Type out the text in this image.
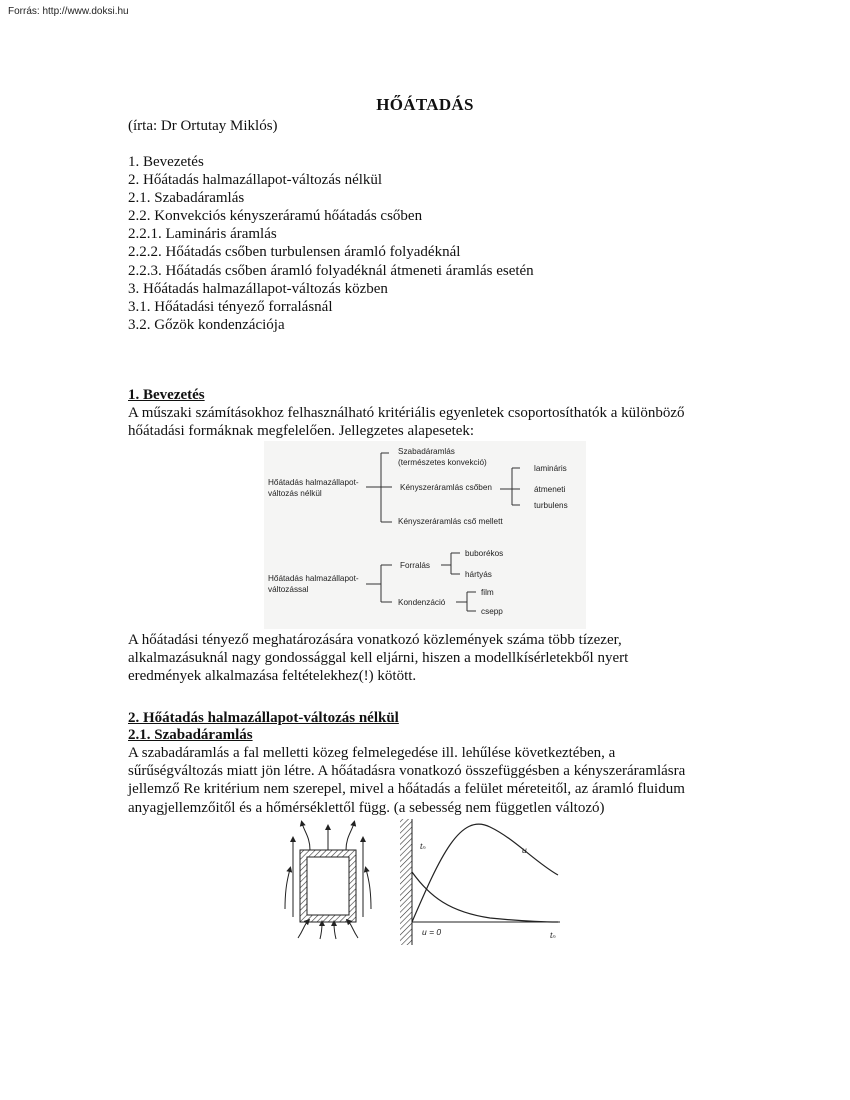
Forrás: http://www.doksi.hu
HŐÁTADÁS
(írta: Dr Ortutay Miklós)
1. Bevezetés
2. Hőátadás halmazállapot-változás nélkül
2.1. Szabadáramlás
2.2. Konvekciós kényszeráramú hőátadás csőben
2.2.1. Lamináris áramlás
2.2.2. Hőátadás csőben turbulensen áramló folyadéknál
2.2.3. Hőátadás csőben áramló folyadéknál átmeneti áramlás esetén
3. Hőátadás halmazállapot-változás közben
3.1. Hőátadási tényező forralásnál
3.2. Gőzök kondenzációja
1. Bevezetés
A műszaki számításokhoz felhasználható kritériális egyenletek csoportosíthatók a különböző
hőátadási formáknak megfelelően. Jellegzetes alapesetek:
Hőátadás halmazállapot-
változás nélkül
Szabadáramlás
(természetes konvekció)
Kényszeráramlás csőben
Kényszeráramlás cső mellett
lamináris
átmeneti
turbulens
Hőátadás halmazállapot-
változással
Forralás
buborékos
hártyás
Kondenzáció
film
csepp
A hőátadási tényező meghatározására vonatkozó közlemények száma több tízezer,
alkalmazásuknál nagy gondossággal kell eljárni, hiszen a modellkísérletekből nyert
eredmények alkalmazása feltételekhez(!) kötött.
2. Hőátadás halmazállapot-változás nélkül
2.1. Szabadáramlás
A szabadáramlás a fal melletti közeg felmelegedése ill. lehűlése következtében, a
sűrűségváltozás miatt jön létre. A hőátadásra vonatkozó összefüggésben a kényszeráramlásra
jellemző Re kritérium nem szerepel, mivel a hőátadás a felület méreteitől, az áramló fluidum
anyagjellemzőitől és a hőmérséklettől függ. (a sebesség nem független változó)
tₙ	u
u = 0	tₙ
